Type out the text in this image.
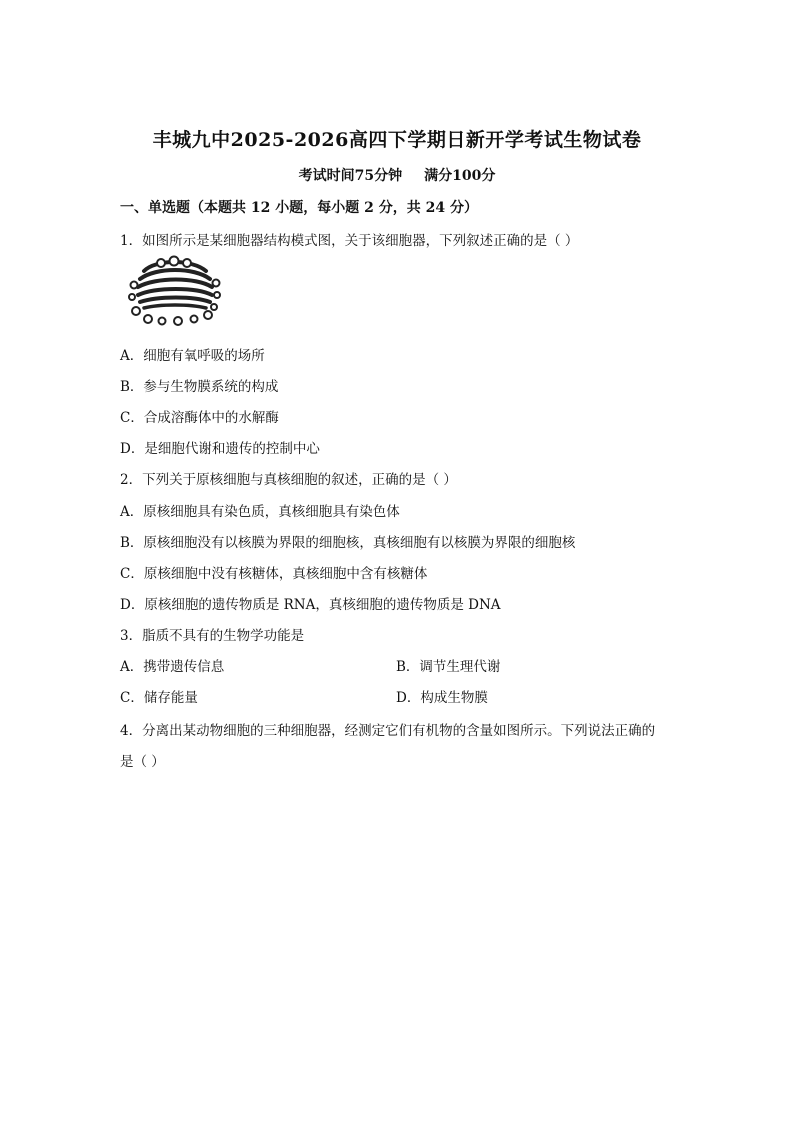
丰城九中2025-2026高四下学期日新开学考试生物试卷
考试时间75分钟 满分100分
一、单选题（本题共 12 小题，每小题 2 分，共 24 分）
1．如图所示是某细胞器结构模式图，关于该细胞器，下列叙述正确的是（ ）
A．细胞有氧呼吸的场所
B．参与生物膜系统的构成
C．合成溶酶体中的水解酶
D．是细胞代谢和遗传的控制中心
2．下列关于原核细胞与真核细胞的叙述，正确的是（ ）
A．原核细胞具有染色质，真核细胞具有染色体
B．原核细胞没有以核膜为界限的细胞核，真核细胞有以核膜为界限的细胞核
C．原核细胞中没有核糖体，真核细胞中含有核糖体
D．原核细胞的遗传物质是 RNA，真核细胞的遗传物质是 DNA
3．脂质不具有的生物学功能是
A．携带遗传信息	B．调节生理代谢
C．储存能量	D．构成生物膜
4．分离出某动物细胞的三种细胞器，经测定它们有机物的含量如图所示。下列说法正确的
是（ ）
